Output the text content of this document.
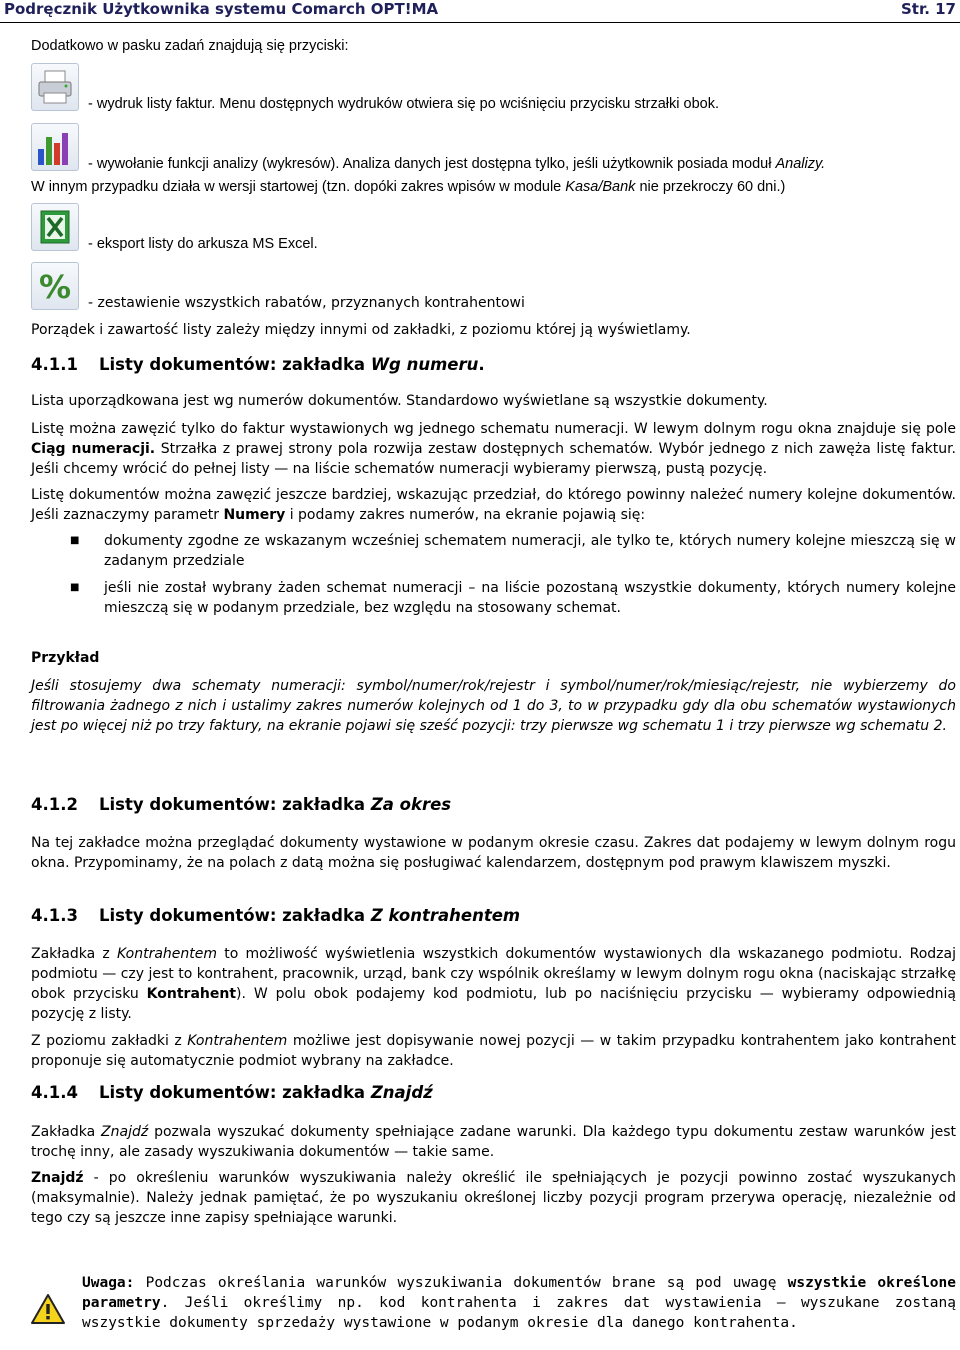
Podręcznik Użytkownika systemu Comarch OPT!MA	Str. 17
Dodatkowo w pasku zadań znajdują się przyciski:
- wydruk listy faktur. Menu dostępnych wydruków otwiera się po wciśnięciu przycisku strzałki obok.
- wywołanie funkcji analizy (wykresów). Analiza danych jest dostępna tylko, jeśli użytkownik posiada moduł Analizy.
W innym przypadku działa w wersji startowej (tzn. dopóki zakres wpisów w module Kasa/Bank nie przekroczy 60 dni.)
- eksport listy do arkusza MS Excel.
% - zestawienie wszystkich rabatów, przyznanych kontrahentowi
Porządek i zawartość listy zależy między innymi od zakładki, z poziomu której ją wyświetlamy.
4.1.1 Listy dokumentów: zakładka Wg numeru.
Lista uporządkowana jest wg numerów dokumentów. Standardowo wyświetlane są wszystkie dokumenty.

Listę można zawęzić tylko do faktur wystawionych wg jednego schematu numeracji. W lewym dolnym rogu okna znajduje się pole Ciąg numeracji. Strzałka z prawej strony pola rozwija zestaw dostępnych schematów. Wybór jednego z nich zawęża listę faktur. Jeśli chcemy wrócić do pełnej listy — na liście schematów numeracji wybieramy pierwszą, pustą pozycję.

Listę dokumentów można zawęzić jeszcze bardziej, wskazując przedział, do którego powinny należeć numery kolejne dokumentów. Jeśli zaznaczymy parametr Numery i podamy zakres numerów, na ekranie pojawią się:

■ dokumenty zgodne ze wskazanym wcześniej schematem numeracji, ale tylko te, których numery kolejne mieszczą się w zadanym przedziale
■ jeśli nie został wybrany żaden schemat numeracji – na liście pozostaną wszystkie dokumenty, których numery kolejne mieszczą się w podanym przedziale, bez względu na stosowany schemat.
Przykład
Jeśli stosujemy dwa schematy numeracji: symbol/numer/rok/rejestr i symbol/numer/rok/miesiąc/rejestr, nie wybierzemy do filtrowania żadnego z nich i ustalimy zakres numerów kolejnych od 1 do 3, to w przypadku gdy dla obu schematów wystawionych jest po więcej niż po trzy faktury, na ekranie pojawi się sześć pozycji: trzy pierwsze wg schematu 1 i trzy pierwsze wg schematu 2.
4.1.2 Listy dokumentów: zakładka Za okres
Na tej zakładce można przeglądać dokumenty wystawione w podanym okresie czasu. Zakres dat podajemy w lewym dolnym rogu okna. Przypominamy, że na polach z datą można się posługiwać kalendarzem, dostępnym pod prawym klawiszem myszki.
4.1.3 Listy dokumentów: zakładka Z kontrahentem

Zakładka z Kontrahentem to możliwość wyświetlenia wszystkich dokumentów wystawionych dla wskazanego podmiotu. Rodzaj podmiotu — czy jest to kontrahent, pracownik, urząd, bank czy wspólnik określamy w lewym dolnym rogu okna (naciskając strzałkę obok przycisku Kontrahent). W polu obok podajemy kod podmiotu, lub po naciśnięciu przycisku — wybieramy odpowiednią pozycję z listy.

Z poziomu zakładki z Kontrahentem możliwe jest dopisywanie nowej pozycji — w takim przypadku kontrahentem jako kontrahent proponuje się automatycznie podmiot wybrany na zakładce.

4.1.4 Listy dokumentów: zakładka Znajdź

Zakładka Znajdź pozwala wyszukać dokumenty spełniające zadane warunki. Dla każdego typu dokumentu zestaw warunków jest trochę inny, ale zasady wyszukiwania dokumentów — takie same.

Znajdź - po określeniu warunków wyszukiwania należy określić ile spełniających je pozycji powinno zostać wyszukanych (maksymalnie). Należy jednak pamiętać, że po wyszukaniu określonej liczby pozycji program przerywa operację, niezależnie od tego czy są jeszcze inne zapisy spełniające warunki.

Uwaga: Podczas określania warunków wyszukiwania dokumentów brane są pod uwagę wszystkie określone parametry. Jeśli określimy np. kod kontrahenta i zakres dat wystawienia — wyszukane zostaną wszystkie dokumenty sprzedaży wystawione w podanym okresie dla danego kontrahenta.
